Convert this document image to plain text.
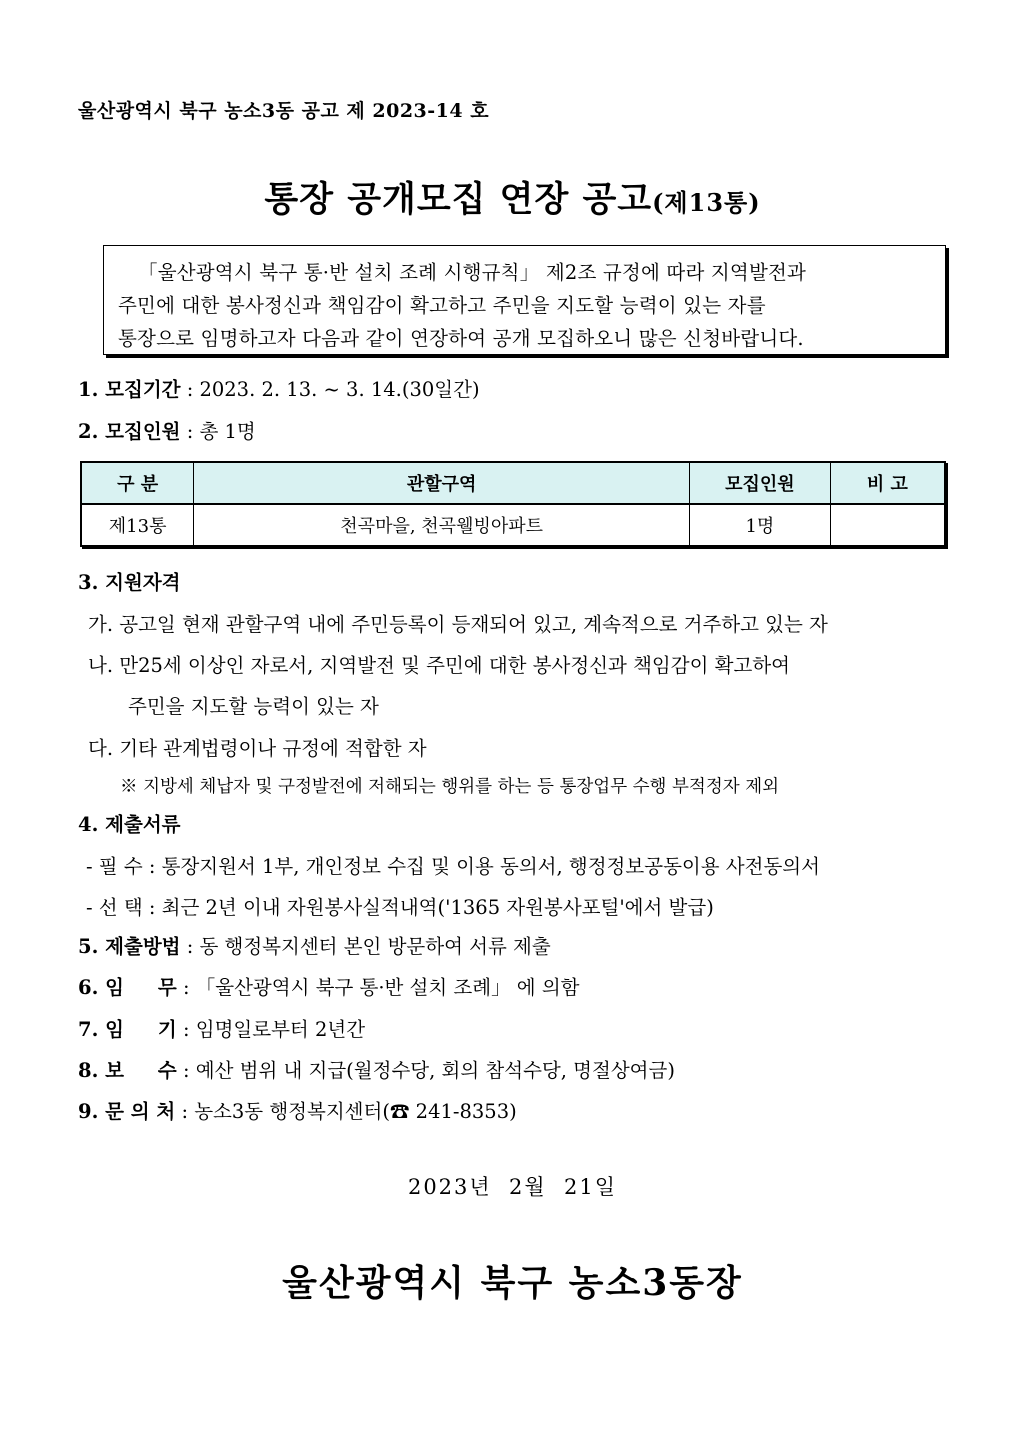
울산광역시 북구 농소3동 공고 제 2023-14 호
통장 공개모집 연장 공고(제13통)
「울산광역시 북구 통·반 설치 조례 시행규칙」 제2조 규정에 따라 지역발전과
주민에 대한 봉사정신과 책임감이 확고하고 주민을 지도할 능력이 있는 자를
통장으로 임명하고자 다음과 같이 연장하여 공개 모집하오니 많은 신청바랍니다.
1. 모집기간 : 2023. 2. 13. ~ 3. 14.(30일간)
2. 모집인원 : 총 1명
구 분	관할구역	모집인원	비 고
제13통	천곡마을, 천곡웰빙아파트	1명	
3. 지원자격
가. 공고일 현재 관할구역 내에 주민등록이 등재되어 있고, 계속적으로 거주하고 있는 자
나. 만25세 이상인 자로서, 지역발전 및 주민에 대한 봉사정신과 책임감이 확고하여
주민을 지도할 능력이 있는 자
다. 기타 관계법령이나 규정에 적합한 자
※ 지방세 체납자 및 구정발전에 저해되는 행위를 하는 등 통장업무 수행 부적정자 제외
4. 제출서류
- 필 수 : 통장지원서 1부, 개인정보 수집 및 이용 동의서, 행정정보공동이용 사전동의서
- 선 택 : 최근 2년 이내 자원봉사실적내역('1365 자원봉사포털'에서 발급)
5. 제출방법 : 동 행정복지센터 본인 방문하여 서류 제출
6. 임     무 : 「울산광역시 북구 통·반 설치 조례」 에 의함
7. 임     기 : 임명일로부터 2년간
8. 보     수 : 예산 범위 내 지급(월정수당, 회의 참석수당, 명절상여금)
9. 문 의 처 : 농소3동 행정복지센터(☎ 241-8353)
2023년  2월  21일
울산광역시 북구 농소3동장
